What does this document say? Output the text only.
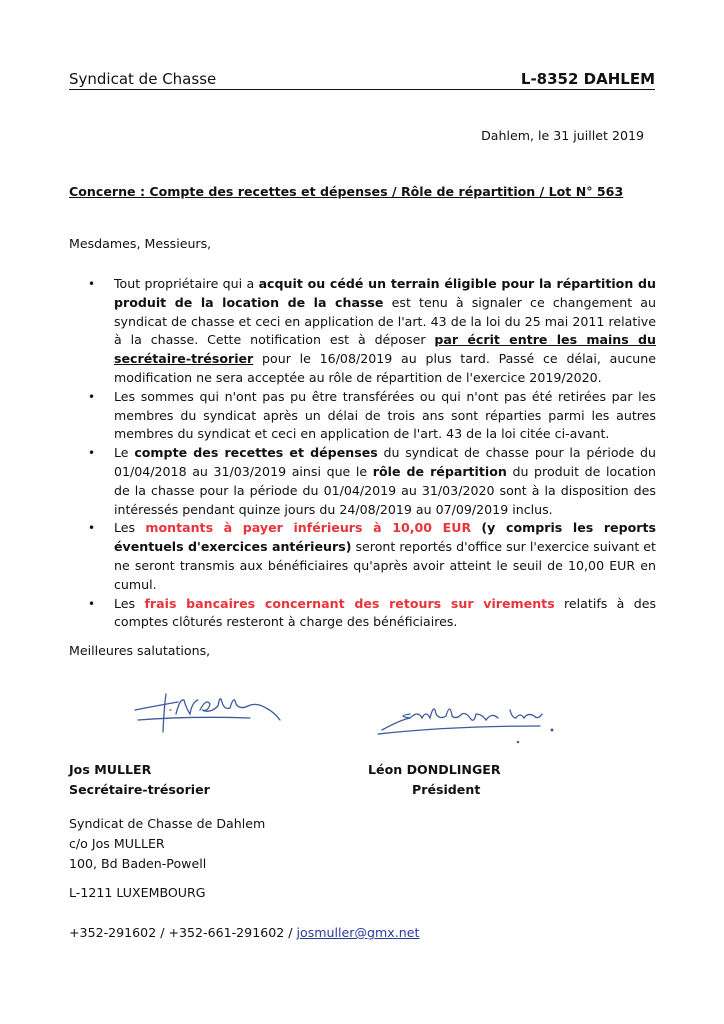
Syndicat de Chasse	L-8352 DAHLEM
Dahlem, le 31 juillet 2019
Concerne : Compte des recettes et dépenses / Rôle de répartition / Lot N° 563
Mesdames, Messieurs,
• Tout propriétaire qui a acquit ou cédé un terrain éligible pour la répartition du produit de la location de la chasse est tenu à signaler ce changement au syndicat de chasse et ceci en application de l'art. 43 de la loi du 25 mai 2011 relative à la chasse. Cette notification est à déposer par écrit entre les mains du secrétaire-trésorier pour le 16/08/2019 au plus tard. Passé ce délai, aucune modification ne sera acceptée au rôle de répartition de l'exercice 2019/2020.
• Les sommes qui n'ont pas pu être transférées ou qui n'ont pas été retirées par les membres du syndicat après un délai de trois ans sont réparties parmi les autres membres du syndicat et ceci en application de l'art. 43 de la loi citée ci-avant.
• Le compte des recettes et dépenses du syndicat de chasse pour la période du 01/04/2018 au 31/03/2019 ainsi que le rôle de répartition du produit de location de la chasse pour la période du 01/04/2019 au 31/03/2020 sont à la disposition des intéressés pendant quinze jours du 24/08/2019 au 07/09/2019 inclus.
• Les montants à payer inférieurs à 10,00 EUR (y compris les reports éventuels d'exercices antérieurs) seront reportés d'office sur l'exercice suivant et ne seront transmis aux bénéficiaires qu'après avoir atteint le seuil de 10,00 EUR en cumul.
• Les frais bancaires concernant des retours sur virements relatifs à des comptes clôturés resteront à charge des bénéficiaires.
Meilleures salutations,
Jos MULLER
Secrétaire-trésorier
Léon DONDLINGER
Président
Syndicat de Chasse de Dahlem
c/o Jos MULLER
100, Bd Baden-Powell
L-1211 LUXEMBOURG
+352-291602 / +352-661-291602 / josmuller@gmx.net
